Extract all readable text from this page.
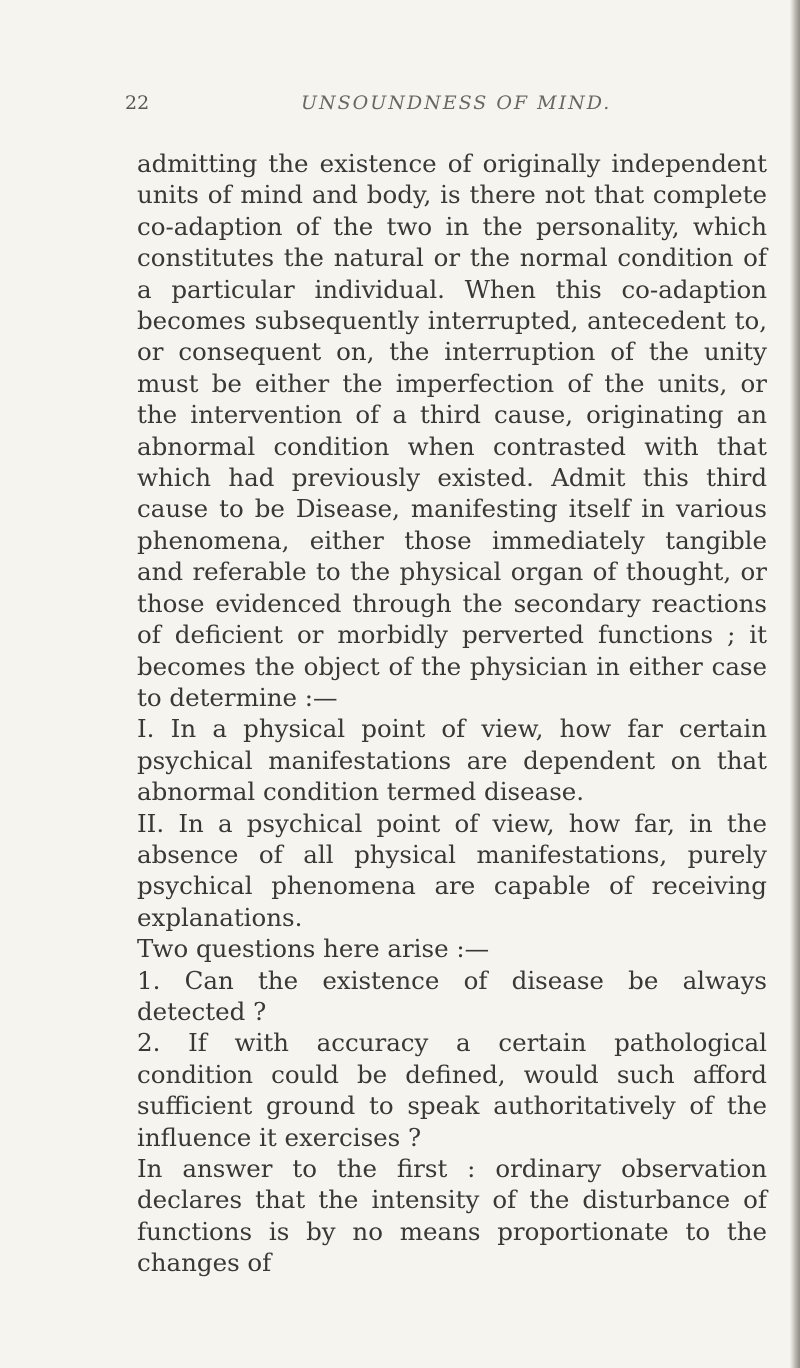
22	UNSOUNDNESS OF MIND.

admitting the existence of originally independent units of mind and body, is there not that complete co-adaption of the two in the personality, which constitutes the natural or the normal condition of a particular individual. When this co-adaption becomes subsequently interrupted, antecedent to, or consequent on, the interruption of the unity must be either the imperfection of the units, or the intervention of a third cause, originating an abnormal condition when contrasted with that which had previously existed. Admit this third cause to be Disease, manifesting itself in various phenomena, either those immediately tangible and referable to the physical organ of thought, or those evidenced through the secondary reactions of deficient or morbidly perverted functions ; it becomes the object of the physician in either case to determine :—

I. In a physical point of view, how far certain psychical manifestations are dependent on that abnormal condition termed disease.

II. In a psychical point of view, how far, in the absence of all physical manifestations, purely psychical phenomena are capable of receiving explanations.

Two questions here arise :—

1. Can the existence of disease be always detected ?

2. If with accuracy a certain pathological condition could be defined, would such afford sufficient ground to speak authoritatively of the influence it exercises ?

In answer to the first : ordinary observation declares that the intensity of the disturbance of functions is by no means proportionate to the changes of
